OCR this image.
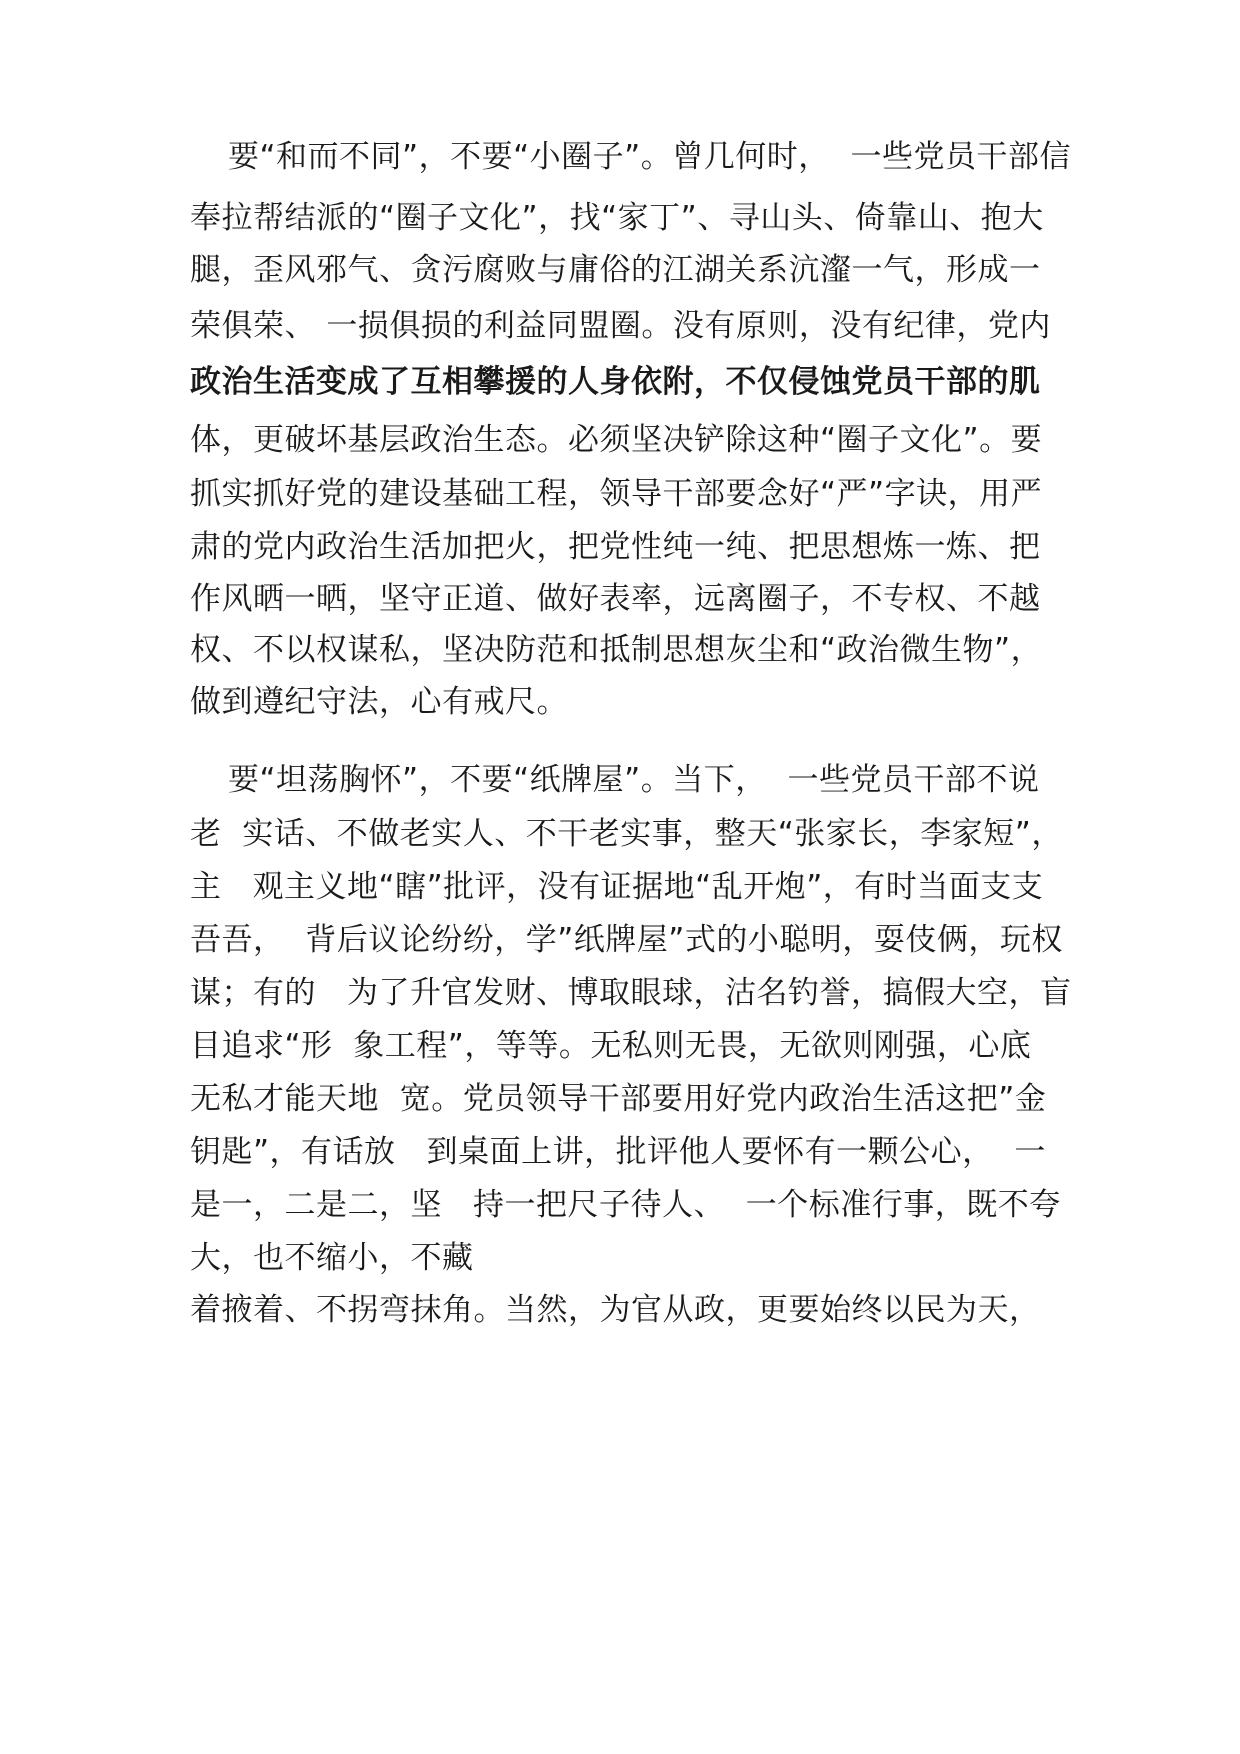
要“和而不同”，不要“小圈子”。曾几何时，  一些党员干部信
奉拉帮结派的“圈子文化”，找“家丁”、寻山头、倚靠山、抱大
腿，歪风邪气、贪污腐败与庸俗的江湖关系沆瀣一气，形成一
荣俱荣、 一损俱损的利益同盟圈。没有原则，没有纪律，党内
政治生活变成了互相攀援的人身依附，不仅侵蚀党员干部的肌
体，更破坏基层政治生态。必须坚决铲除这种“圈子文化”。要
抓实抓好党的建设基础工程，领导干部要念好“严”字诀，用严
肃的党内政治生活加把火，把党性纯一纯、把思想炼一炼、把
作风晒一晒，坚守正道、做好表率，远离圈子，不专权、不越
权、不以权谋私，坚决防范和抵制思想灰尘和“政治微生物”，
做到遵纪守法，心有戒尺。
要“坦荡胸怀”，不要“纸牌屋”。当下，  一些党员干部不说
老  实话、不做老实人、不干老实事，整天“张家长，李家短”，
主   观主义地“瞎”批评，没有证据地“乱开炮”，有时当面支支
吾吾，  背后议论纷纷，学”纸牌屋”式的小聪明，耍伎俩，玩权
谋；有的   为了升官发财、博取眼球，沽名钓誉，搞假大空，盲
目追求“形  象工程”，等等。无私则无畏，无欲则刚强，心底
无私才能天地  宽。党员领导干部要用好党内政治生活这把”金
钥匙”，有话放   到桌面上讲，批评他人要怀有一颗公心，  一
是一，二是二，坚   持一把尺子待人、  一个标准行事，既不夸
大，也不缩小，不藏
着掖着、不拐弯抹角。当然，为官从政，更要始终以民为天，
